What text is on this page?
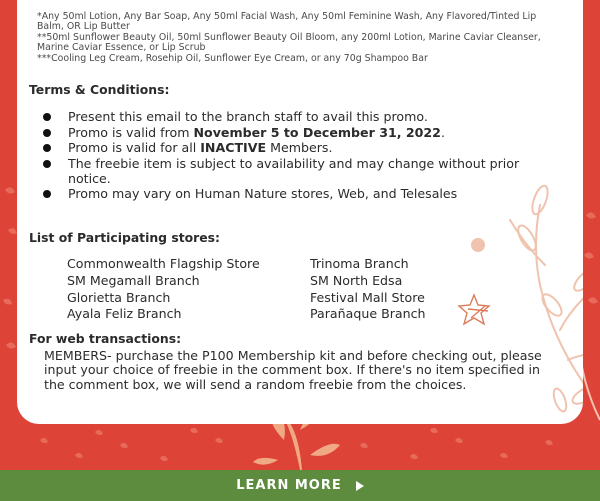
*Any 50ml Lotion, Any Bar Soap, Any 50ml Facial Wash, Any 50ml Feminine Wash, Any Flavored/Tinted Lip Balm, OR Lip Butter
**50ml Sunflower Beauty Oil, 50ml Sunflower Beauty Oil Bloom, any 200ml Lotion, Marine Caviar Cleanser, Marine Caviar Essence, or Lip Scrub
***Cooling Leg Cream, Rosehip Oil, Sunflower Eye Cream, or any 70g Shampoo Bar
Terms & Conditions:
Present this email to the branch staff to avail this promo.
Promo is valid from November 5 to December 31, 2022.
Promo is valid for all INACTIVE Members.
The freebie item is subject to availability and may change without prior notice.
Promo may vary on Human Nature stores, Web, and Telesales
List of Participating stores:
Commonwealth Flagship Store
SM Megamall Branch
Glorietta Branch
Ayala Feliz Branch
Trinoma Branch
SM North Edsa
Festival Mall Store
Parañaque Branch
For web transactions:
MEMBERS- purchase the P100 Membership kit and before checking out, please input your choice of freebie in the comment box. If there's no item specified in the comment box, we will send a random freebie from the choices.
LEARN MORE
